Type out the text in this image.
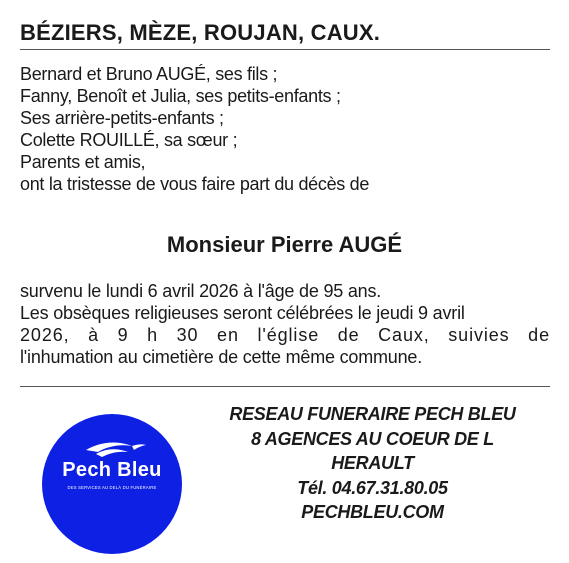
BÉZIERS, MÈZE, ROUJAN, CAUX.
Bernard et Bruno AUGÉ, ses fils ;
Fanny, Benoît et Julia, ses petits-enfants ;
Ses arrière-petits-enfants ;
Colette ROUILLÉ, sa sœur ;
Parents et amis,
ont la tristesse de vous faire part du décès de
Monsieur Pierre AUGÉ
survenu le lundi 6 avril 2026 à l'âge de 95 ans.
Les obsèques religieuses seront célébrées le jeudi 9 avril
2026, à 9 h 30 en l'église de Caux, suivies de
l'inhumation au cimetière de cette même commune.
Pech Bleu
DES SERVICES AU DELÀ DU FUNÉRAIRE
RESEAU FUNERAIRE PECH BLEU
8 AGENCES AU COEUR DE L
HERAULT
Tél. 04.67.31.80.05
PECHBLEU.COM
